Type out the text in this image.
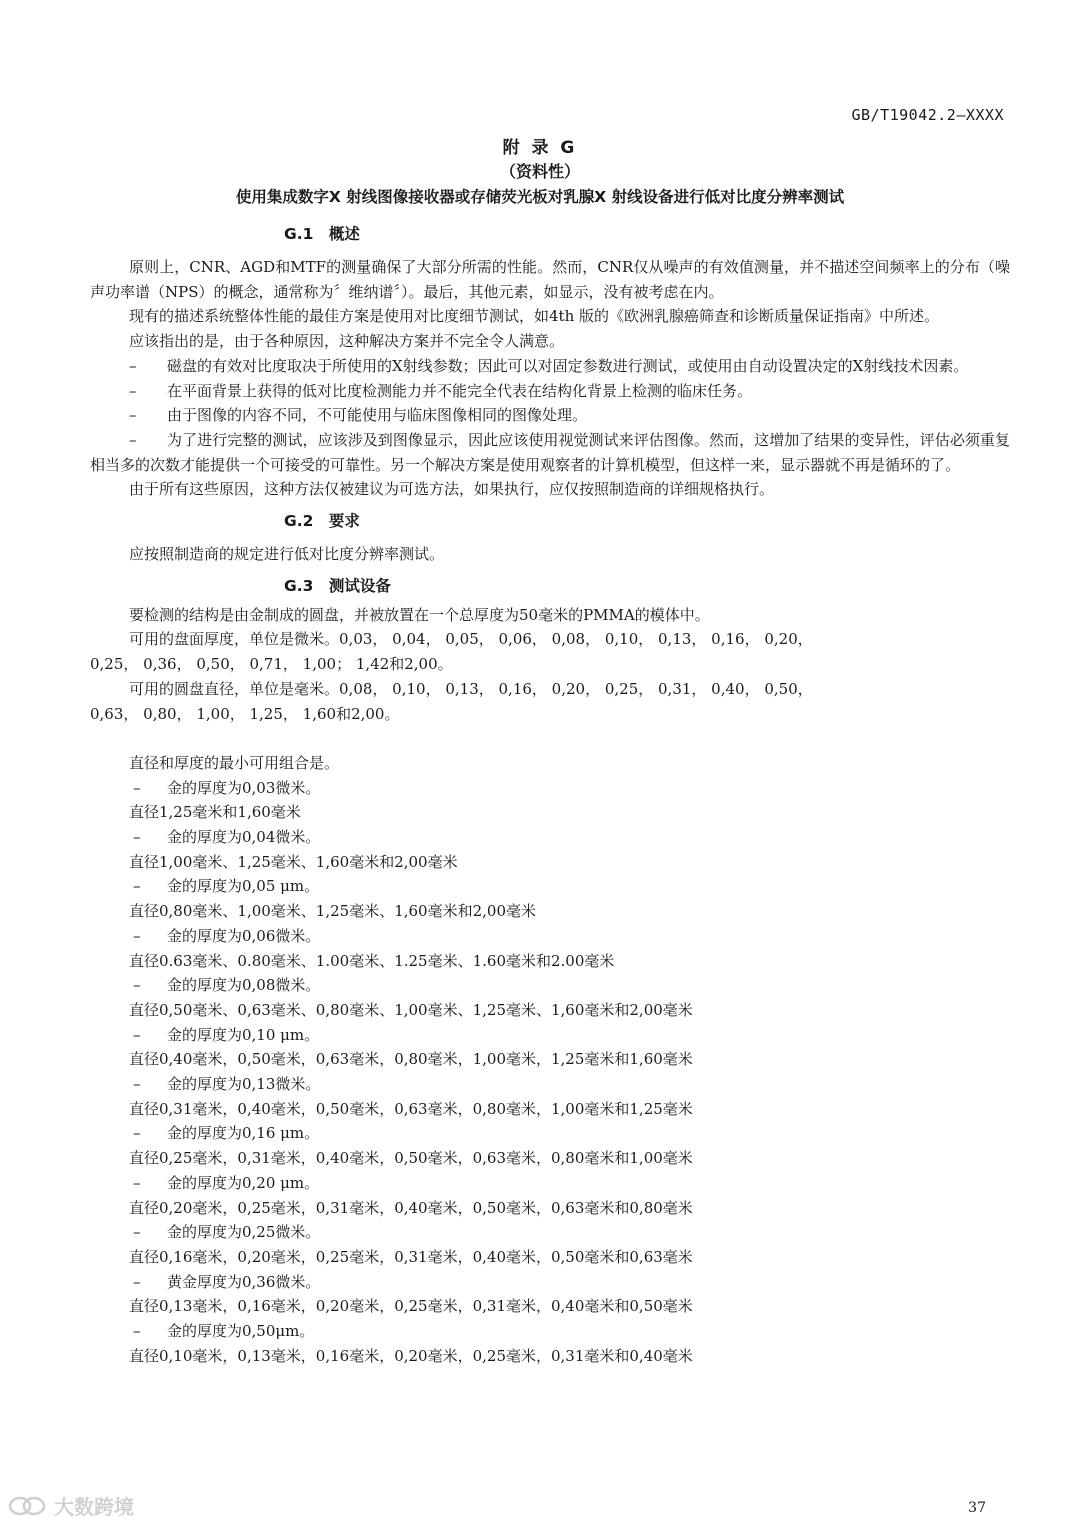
GB/T19042.2—XXXX
附 录 G
（资料性）
使用集成数字X 射线图像接收器或存储荧光板对乳腺X 射线设备进行低对比度分辨率测试
G.1　概述

原则上，CNR、AGD和MTF的测量确保了大部分所需的性能。然而，CNR仅从噪声的有效值测量，并不描述空间频率上的分布（噪声功率谱（NPS）的概念，通常称为〞维纳谱〞）。最后，其他元素，如显示，没有被考虑在内。

现有的描述系统整体性能的最佳方案是使用对比度细节测试，如4th 版的《欧洲乳腺癌筛查和诊断质量保证指南》中所述。

应该指出的是，由于各种原因，这种解决方案并不完全令人满意。

– 磁盘的有效对比度取决于所使用的X射线参数；因此可以对固定参数进行测试，或使用由自动设置决定的X射线技术因素。

– 在平面背景上获得的低对比度检测能力并不能完全代表在结构化背景上检测的临床任务。

– 由于图像的内容不同，不可能使用与临床图像相同的图像处理。

– 为了进行完整的测试，应该涉及到图像显示，因此应该使用视觉测试来评估图像。然而，这增加了结果的变异性，评估必须重复相当多的次数才能提供一个可接受的可靠性。另一个解决方案是使用观察者的计算机模型，但这样一来，显示器就不再是循环的了。

由于所有这些原因，这种方法仅被建议为可选方法，如果执行，应仅按照制造商的详细规格执行。

G.2　要求

应按照制造商的规定进行低对比度分辨率测试。

G.3　测试设备

要检测的结构是由金制成的圆盘，并被放置在一个总厚度为50毫米的PMMA的模体中。

可用的盘面厚度，单位是微米。0,03， 0,04， 0,05， 0,06， 0,08， 0,10， 0,13， 0,16， 0,20，

0,25， 0,36， 0,50， 0,71， 1,00； 1,42和2,00。

可用的圆盘直径，单位是毫米。0,08， 0,10， 0,13， 0,16， 0,20， 0,25， 0,31， 0,40， 0,50，

0,63， 0,80， 1,00， 1,25， 1,60和2,00。

直径和厚度的最小可用组合是。

– 金的厚度为0,03微米。

直径1,25毫米和1,60毫米

– 金的厚度为0,04微米。

直径1,00毫米、1,25毫米、1,60毫米和2,00毫米

– 金的厚度为0,05 μm。

直径0,80毫米、1,00毫米、1,25毫米、1,60毫米和2,00毫米

– 金的厚度为0,06微米。

直径0.63毫米、0.80毫米、1.00毫米、1.25毫米、1.60毫米和2.00毫米

– 金的厚度为0,08微米。

直径0,50毫米、0,63毫米、0,80毫米、1,00毫米、1,25毫米、1,60毫米和2,00毫米

– 金的厚度为0,10 μm。

直径0,40毫米，0,50毫米，0,63毫米，0,80毫米，1,00毫米，1,25毫米和1,60毫米

– 金的厚度为0,13微米。

直径0,31毫米，0,40毫米，0,50毫米，0,63毫米，0,80毫米，1,00毫米和1,25毫米

– 金的厚度为0,16 μm。

直径0,25毫米，0,31毫米，0,40毫米，0,50毫米，0,63毫米，0,80毫米和1,00毫米

– 金的厚度为0,20 μm。

直径0,20毫米，0,25毫米，0,31毫米，0,40毫米，0,50毫米，0,63毫米和0,80毫米

– 金的厚度为0,25微米。

直径0,16毫米，0,20毫米，0,25毫米，0,31毫米，0,40毫米，0,50毫米和0,63毫米

– 黄金厚度为0,36微米。

直径0,13毫米，0,16毫米，0,20毫米，0,25毫米，0,31毫米，0,40毫米和0,50毫米

– 金的厚度为0,50μm。

直径0,10毫米，0,13毫米，0,16毫米，0,20毫米，0,25毫米，0,31毫米和0,40毫米

大数跨境	37
